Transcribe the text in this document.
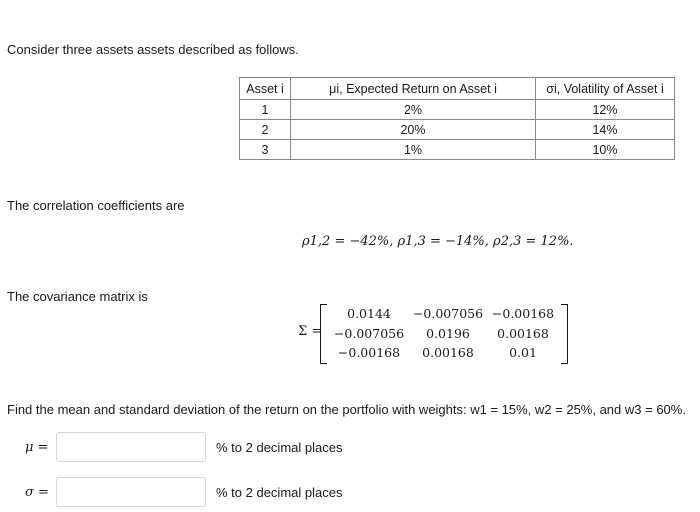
Consider three assets assets described as follows.
Asset i	μi, Expected Return on Asset i	σi, Volatility of Asset i
1	2%	12%
2	20%	14%
3	1%	10%
The correlation coefficients are
ρ1,2 = −42%, ρ1,3 = −14%, ρ2,3 = 12%.
The covariance matrix is
Σ =
0.0144	−0.007056 −0.00168
−0.007056	0.0196	0.00168
−0.00168	0.00168	0.01
Find the mean and standard deviation of the return on the portfolio with weights: w1 = 15%, w2 = 25%, and w3 = 60%.
μ =	% to 2 decimal places
σ =	% to 2 decimal places
